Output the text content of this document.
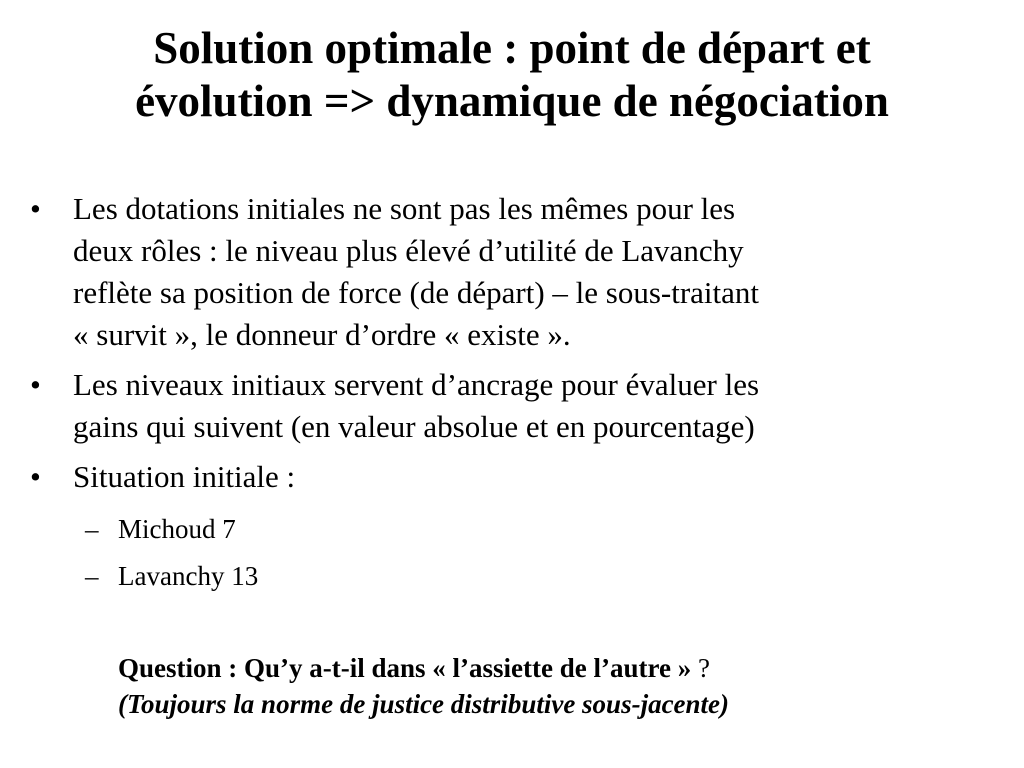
Solution optimale : point de départ et
évolution => dynamique de négociation
• Les dotations initiales ne sont pas les mêmes pour les
deux rôles : le niveau plus élevé d’utilité de Lavanchy
reflète sa position de force (de départ) – le sous-traitant
« survit », le donneur d’ordre « existe ».
• Les niveaux initiaux servent d’ancrage pour évaluer les
gains qui suivent (en valeur absolue et en pourcentage)
• Situation initiale :
– Michoud 7
– Lavanchy 13
Question : Qu’y a-t-il dans « l’assiette de l’autre » ?
(Toujours la norme de justice distributive sous-jacente)
